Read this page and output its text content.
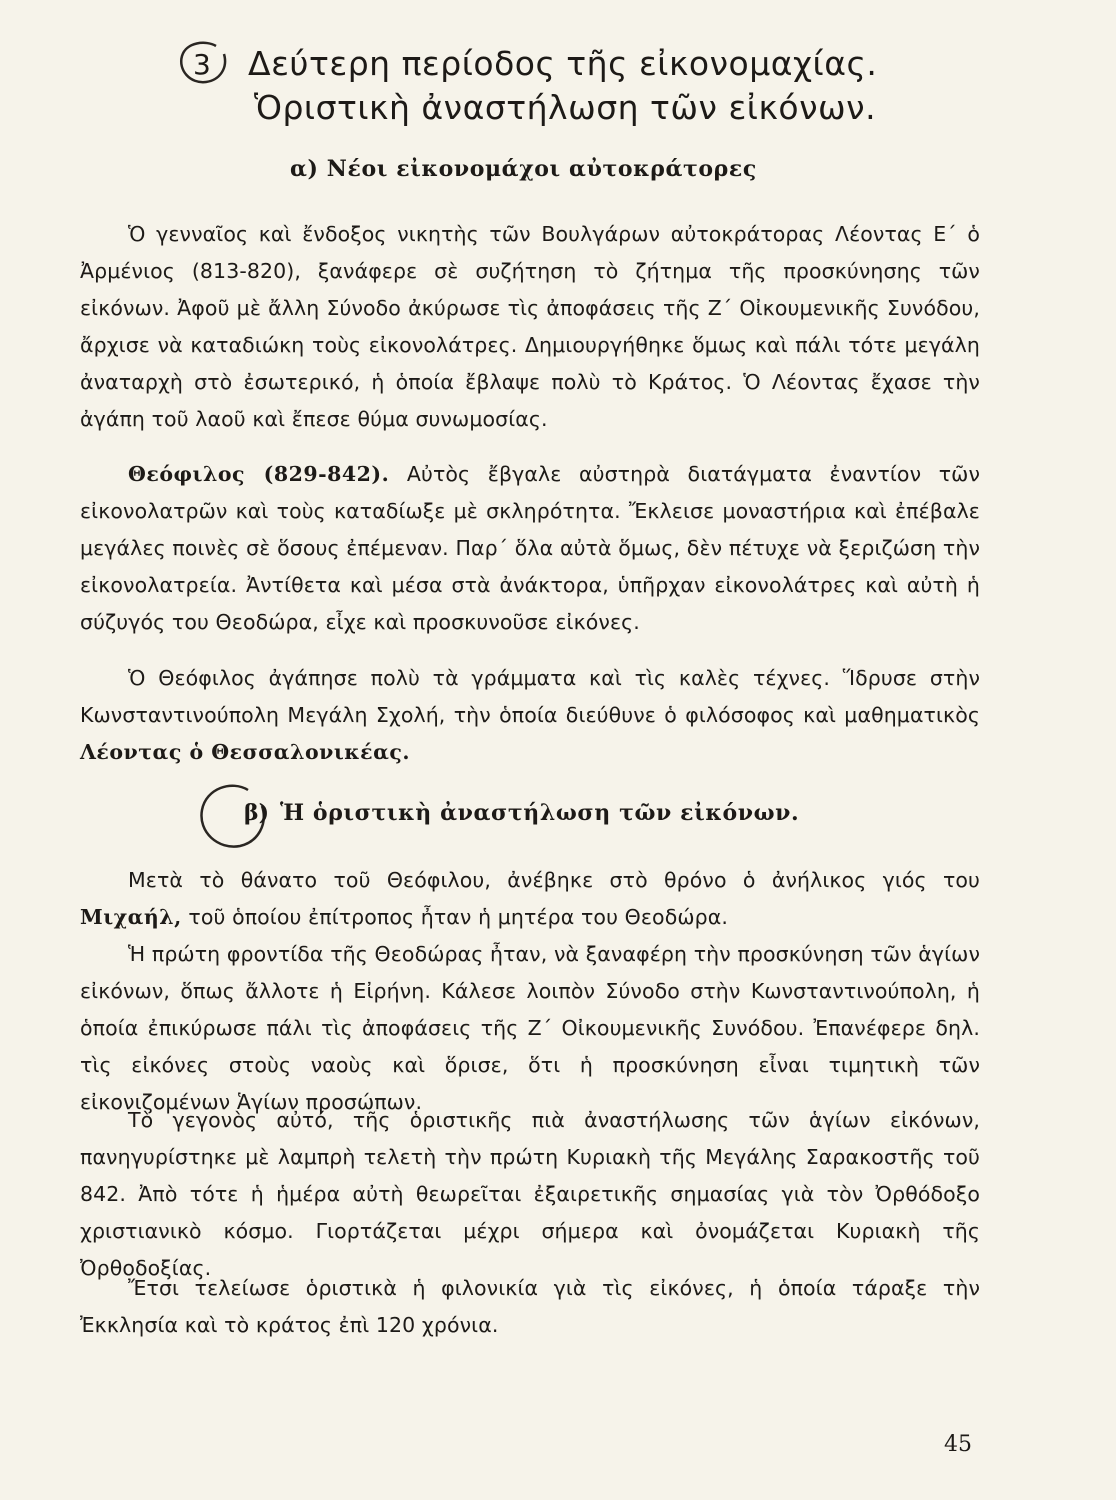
3 Δεύτερη περίοδος τῆς εἰκονομαχίας.
Ὁριστικὴ ἀναστήλωση τῶν εἰκόνων.
α) Νέοι εἰκονομάχοι αὐτοκράτορες
Ὁ γενναῖος καὶ ἔνδοξος νικητὴς τῶν Βουλγάρων αὐτοκράτορας Λέοντας Ε΄ ὁ Ἀρμένιος (813-820), ξανάφερε σὲ συζήτηση τὸ ζήτημα τῆς προσκύνησης τῶν εἰκόνων. Ἀφοῦ μὲ ἄλλη Σύνοδο ἀκύρωσε τὶς ἀποφάσεις τῆς Ζ΄ Οἰκουμενικῆς Συνόδου, ἄρχισε νὰ καταδιώκη τοὺς εἰκονολάτρες. Δημιουργήθηκε ὅμως καὶ πάλι τότε μεγάλη ἀναταρχὴ στὸ ἐσωτερικό, ἡ ὁποία ἔβλαψε πολὺ τὸ Κράτος. Ὁ Λέοντας ἔχασε τὴν ἀγάπη τοῦ λαοῦ καὶ ἔπεσε θύμα συνωμοσίας.
Θεόφιλος (829-842). Αὐτὸς ἔβγαλε αὐστηρὰ διατάγματα ἐναντίον τῶν εἰκονολατρῶν καὶ τοὺς καταδίωξε μὲ σκληρότητα. Ἔκλεισε μοναστήρια καὶ ἐπέβαλε μεγάλες ποινὲς σὲ ὅσους ἐπέμεναν. Παρ΄ ὅλα αὐτὰ ὅμως, δὲν πέτυχε νὰ ξεριζώση τὴν εἰκονολατρεία. Ἀντίθετα καὶ μέσα στὰ ἀνάκτορα, ὑπῆρχαν εἰκονολάτρες καὶ αὐτὴ ἡ σύζυγός του Θεοδώρα, εἶχε καὶ προσκυνοῦσε εἰκόνες.
Ὁ Θεόφιλος ἀγάπησε πολὺ τὰ γράμματα καὶ τὶς καλὲς τέχνες. Ἵδρυσε στὴν Κωνσταντινούπολη Μεγάλη Σχολή, τὴν ὁποία διεύθυνε ὁ φιλόσοφος καὶ μαθηματικὸς Λέοντας ὁ Θεσσαλονικέας.
β) Ἡ ὁριστικὴ ἀναστήλωση τῶν εἰκόνων.
Μετὰ τὸ θάνατο τοῦ Θεόφιλου, ἀνέβηκε στὸ θρόνο ὁ ἀνήλικος γιός του Μιχαήλ, τοῦ ὁποίου ἐπίτροπος ἦταν ἡ μητέρα του Θεοδώρα.
Ἡ πρώτη φροντίδα τῆς Θεοδώρας ἦταν, νὰ ξαναφέρη τὴν προσκύνηση τῶν ἁγίων εἰκόνων, ὅπως ἄλλοτε ἡ Εἰρήνη. Κάλεσε λοιπὸν Σύνοδο στὴν Κωνσταντινούπολη, ἡ ὁποία ἐπικύρωσε πάλι τὶς ἀποφάσεις τῆς Ζ΄ Οἰκουμενικῆς Συνόδου. Ἐπανέφερε δηλ. τὶς εἰκόνες στοὺς ναοὺς καὶ ὅρισε, ὅτι ἡ προσκύνηση εἶναι τιμητικὴ τῶν εἰκονιζομένων Ἁγίων προσώπων.
Τὸ γεγονὸς αὐτό, τῆς ὁριστικῆς πιὰ ἀναστήλωσης τῶν ἁγίων εἰκόνων, πανηγυρίστηκε μὲ λαμπρὴ τελετὴ τὴν πρώτη Κυριακὴ τῆς Μεγάλης Σαρακοστῆς τοῦ 842. Ἀπὸ τότε ἡ ἡμέρα αὐτὴ θεωρεῖται ἐξαιρετικῆς σημασίας γιὰ τὸν Ὀρθόδοξο χριστιανικὸ κόσμο. Γιορτάζεται μέχρι σήμερα καὶ ὀνομάζεται Κυριακὴ τῆς Ὀρθοδοξίας.
Ἔτσι τελείωσε ὁριστικὰ ἡ φιλονικία γιὰ τὶς εἰκόνες, ἡ ὁποία τάραξε τὴν Ἐκκλησία καὶ τὸ κράτος ἐπὶ 120 χρόνια.
45
